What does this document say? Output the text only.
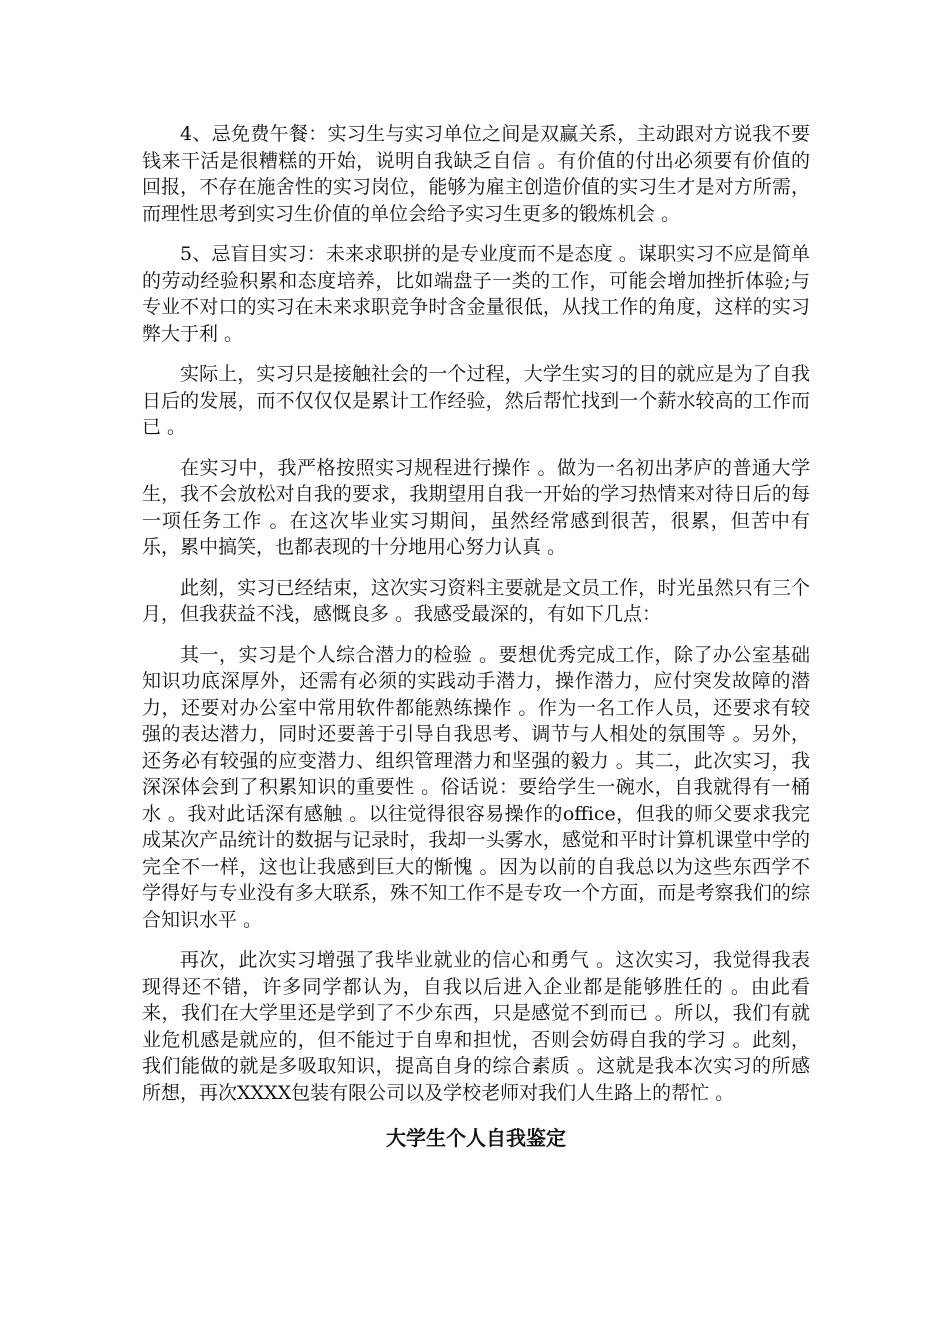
4、忌免费午餐：实习生与实习单位之间是双赢关系，主动跟对方说我不要钱来干活是很糟糕的开始，说明自我缺乏自信 。有价值的付出必须要有价值的回报，不存在施舍性的实习岗位，能够为雇主创造价值的实习生才是对方所需，而理性思考到实习生价值的单位会给予实习生更多的锻炼机会 。

5、忌盲目实习：未来求职拼的是专业度而不是态度 。谋职实习不应是简单的劳动经验积累和态度培养，比如端盘子一类的工作，可能会增加挫折体验;与专业不对口的实习在未来求职竞争时含金量很低，从找工作的角度，这样的实习弊大于利 。

实际上，实习只是接触社会的一个过程，大学生实习的目的就应是为了自我日后的发展，而不仅仅仅是累计工作经验，然后帮忙找到一个薪水较高的工作而已 。

在实习中，我严格按照实习规程进行操作 。做为一名初出茅庐的普通大学生，我不会放松对自我的要求，我期望用自我一开始的学习热情来对待日后的每一项任务工作 。在这次毕业实习期间，虽然经常感到很苦，很累，但苦中有乐，累中搞笑，也都表现的十分地用心努力认真 。

此刻，实习已经结束，这次实习资料主要就是文员工作，时光虽然只有三个月，但我获益不浅，感慨良多 。我感受最深的，有如下几点：

其一，实习是个人综合潜力的检验 。要想优秀完成工作，除了办公室基础知识功底深厚外，还需有必须的实践动手潜力，操作潜力，应付突发故障的潜力，还要对办公室中常用软件都能熟练操作 。作为一名工作人员，还要求有较强的表达潜力，同时还要善于引导自我思考、调节与人相处的氛围等 。另外，还务必有较强的应变潜力、组织管理潜力和坚强的毅力 。其二，此次实习，我深深体会到了积累知识的重要性 。俗话说：要给学生一碗水，自我就得有一桶水 。我对此话深有感触 。以往觉得很容易操作的office，但我的师父要求我完成某次产品统计的数据与记录时，我却一头雾水，感觉和平时计算机课堂中学的完全不一样，这也让我感到巨大的惭愧 。因为以前的自我总以为这些东西学不学得好与专业没有多大联系，殊不知工作不是专攻一个方面，而是考察我们的综合知识水平 。

再次，此次实习增强了我毕业就业的信心和勇气 。这次实习，我觉得我表现得还不错，许多同学都认为，自我以后进入企业都是能够胜任的 。由此看来，我们在大学里还是学到了不少东西，只是感觉不到而已 。所以，我们有就业危机感是就应的，但不能过于自卑和担忧，否则会妨碍自我的学习 。此刻，我们能做的就是多吸取知识，提高自身的综合素质 。这就是我本次实习的所感所想，再次XXXX包装有限公司以及学校老师对我们人生路上的帮忙 。

大学生个人自我鉴定
